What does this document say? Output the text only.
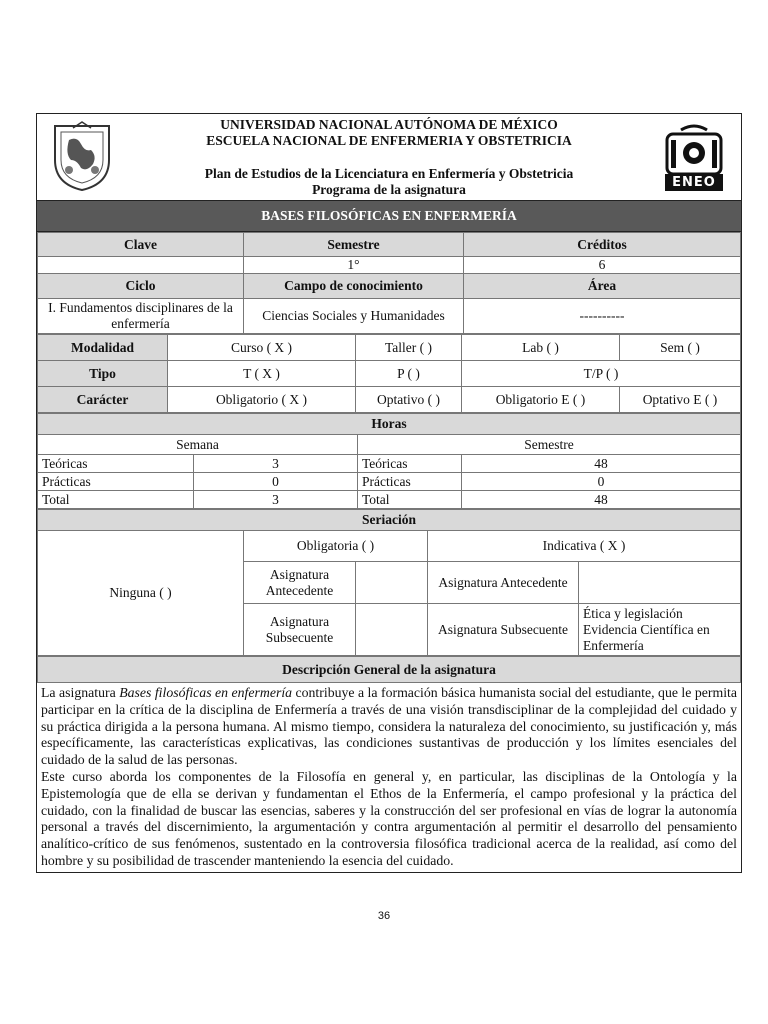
UNIVERSIDAD NACIONAL AUTÓNOMA DE MÉXICO
ESCUELA NACIONAL DE ENFERMERIA Y OBSTETRICIA
Plan de Estudios de la Licenciatura en Enfermería y Obstetricia
Programa de la asignatura	ENEO
BASES FILOSÓFICAS EN ENFERMERÍA
Clave	Semestre	Créditos
	1°	6
Ciclo	Campo de conocimiento	Área
I. Fundamentos disciplinares de la enfermería	Ciencias Sociales y Humanidades	----------
Modalidad	Curso ( X )	Taller ( )	Lab ( )	Sem ( )
Tipo	T ( X )	P ( )	T/P ( )	
Carácter	Obligatorio ( X )	Optativo ( )	Obligatorio E ( )	Optativo E ( )
Horas			
Semana		Semestre	
Teóricas	3	Teóricas	48
Prácticas	0	Prácticas	0
Total	3	Total	48
Seriación				
Ninguna ( )	Obligatoria ( )		Indicativa ( X )	
	Asignatura Antecedente		Asignatura Antecedente	
	Asignatura Subsecuente		Asignatura Subsecuente	Ética y legislación
Evidencia Científica en Enfermería
Descripción General de la asignatura

La asignatura Bases filosóficas en enfermería contribuye a la formación básica humanista social del estudiante, que le permita participar en la crítica de la disciplina de Enfermería a través de una visión transdisciplinar de la complejidad del cuidado y su práctica dirigida a la persona humana. Al mismo tiempo, considera la naturaleza del conocimiento, su justificación y, más específicamente, las características explicativas, las condiciones sustantivas de producción y los límites esenciales del cuidado de la salud de las personas.

Este curso aborda los componentes de la Filosofía en general y, en particular, las disciplinas de la Ontología y la Epistemología que de ella se derivan y fundamentan el Ethos de la Enfermería, el campo profesional y la práctica del cuidado, con la finalidad de buscar las esencias, saberes y la construcción del ser profesional en vías de lograr la autonomía personal a través del discernimiento, la argumentación y contra argumentación al permitir el desarrollo del pensamiento analítico-crítico de sus fenómenos, sustentado en la controversia filosófica tradicional acerca de la realidad, así como del hombre y su posibilidad de trascender manteniendo la esencia del cuidado.

36
